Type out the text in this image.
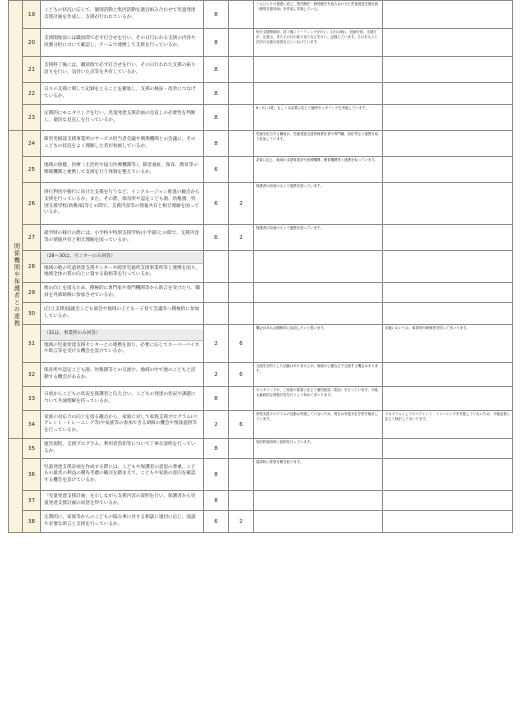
	19	こどもの状況に応じて、個別活動と集団活動を適宜組み合わせて児童発達支援計画を作成し、支援が行われているか。	8		一人ひとりの発達に応じ、集団療法・個別療法を組み合わせた児童発達支援計画（個別支援計画）を作成し実施している。	
	20	支援開始前には職員間で必ず打合せを行い、その日行われる支援の内容や役割分担について確認し、チームで連携して支援を行っているか。	8		毎日支援開始前、終了後にミーティングを行い、1日の流れ、役割分担、支援方法、注意点、またその日の振り返りなどを行い、記録しています。それをもとに次回の支援の改善などにつなげています。	
	21	支援終了後には、職員間で必ず打合せを行い、その日行われた支援の振り返りを行い、気付いた点等を共有しているか。	8			
	22	日々の支援に関して記録をとることを徹底し、支援の検証・改善につなげているか。	8			
	23	定期的にモニタリングを行い、児童発達支援計画の見直しの必要性を判断し、適切な見直しを行っているか。	8		6ヶ月に1度、もしくは必要に応じて適時モニタリングを実施しています。	

関係機関や保護者との連携	24	障害児相談支援事業所のサービス担当者会議や関係機関との会議に、そのこどもの状況をよく理解した者が参画しているか。	8		児童を担当する職員が、児童発達支援管理責任者や専門職、担任等なと連携を取り参加しています。	
	25	地域の保健、医療（主治医や協力医療機関等）、障害福祉、保育、教育等の関係機関と連携して支援を行う体制を整えているか。	6		必要に応じ、地域の支援事業所や医療機関、療育機関等と連携を取っています。	
	26	併行利用や移行に向けた支援を行うなど、インクルージョン推進の観点から支援を行っているか。また、その際、保育所や認定こども園、幼稚園、特別支援学校(幼稚部)等との間で、支援内容等の情報共有と相互理解を図っているか。	6	2	保護者の同意のもとで連携を図っています。	
	27	就学時の移行の際には、小学校や特別支援学校(小学部)との間で、支援内容等の情報共有と相互理解を図っているか。	6	2	保護者の同意のもとで連携を図っています。	
	28	（28～30は、センターのみ回答）
地域の他の児童発達支援センターや障害児通所支援事業所等と連携を図り、地域全体の質の向上に資する取組等を行っているか。				

	29	他の向上を図るため、積極的に専門家や専門機関等から助言を受けたり、職員を外部研修に参加させているか。				

	30	(自立支援)協議会こども部会や地域の子ども・子育て会議等へ積極的に参加しているか。				

	31	（31は、事業所のみ回答）
地域の児童発達支援センターとの連携を図り、必要に応じてスーパーバイズや助言等を受ける機会を設けているか。	2	6	機会があれば積極的に参加したいと思います。	向後においては、事業所内研修等を図ってまいります。
	32	保育所や認定こども園、幼稚園等との交流や、地域の中で他のこどもと活動する機会があるか。	2	6	交流を目的とした活動はありませんが、地域の公園などで交流する機会はあります。	
	33	日頃からこどもの状況を保護者と伝え合い、こどもの発達の状況や課題について共通理解を持っているか。	8		モニタリングや、ご家族の要望に応じて個別面談（電話）を行っています。今後も継続的な情報共有を行うよう努めてまいります。	
	34	家族の対応力の向上を図る観点から、家族に対して家族支援プログラム(ペアレント・トレーニング等)や家族等の参加できる研修の機会や情報提供等を行っているか。	2	6	家族支援プログラムの活動は実施していないため、現在は実施予定を等を検討しています。	プログラムとしてのペアレント・トレーニングを実施していないため、今後必要に応じて検討してまいります。
	35	運営規程、支援プログラム、利用者負担等について丁寧な説明を行っているか。	8		契約時説明時に説明を行っています。	
	36	児童発達支援計画を作成する際には、こどもや保護者の意思の尊重、こどもの最善の利益の優先考慮の観点を踏まえて、こどもや家族の意向を確認する機会を設けているか。	8		面談時に要望を聞き取ります。	
	37	「児童発達支援計画」を示しながら支援内容の説明を行い、保護者から児童発達支援計画の同意を得ているか。	8			
	38	定期的に、家族等からのこどもの悩み事に対する相談に適切に応じ、面談や必要な助言と支援を行っているか。	6	2		
